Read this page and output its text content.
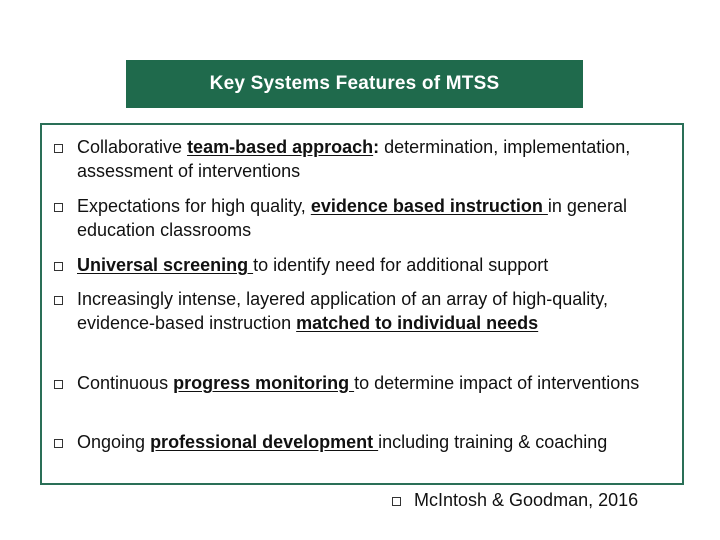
Key Systems Features of MTSS
Collaborative team-based approach: determination, implementation, assessment of interventions
Expectations for high quality, evidence based instruction in general education classrooms
Universal screening to identify need for additional support
Increasingly intense, layered application of an array of high-quality, evidence-based instruction matched to individual needs
Continuous progress monitoring to determine impact of interventions
Ongoing professional development including training & coaching
McIntosh & Goodman, 2016
